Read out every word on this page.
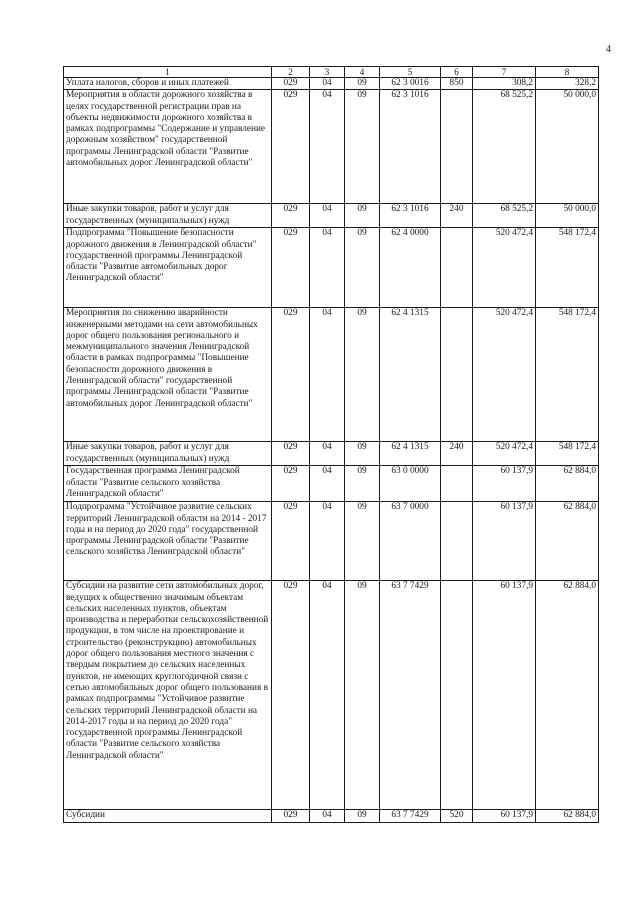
4
1	2	3	4	5	6	7	8
Уплата налогов, сборов и иных платежей	029	04	09	62 3 0016	850	308,2	328,2
Мероприятия в области дорожного хозяйства в целях государственной регистрации прав на объекты недвижимости дорожного хозяйства в рамках подпрограммы "Содержание и управление дорожным хозяйством" государственной программы Ленинградской области "Развитие автомобильных дорог Ленинградской области"	029	04	09	62 3 1016		68 525,2	50 000,0
Иные закупки товаров, работ и услуг для государственных (муниципальных) нужд	029	04	09	62 3 1016	240	68 525,2	50 000,0
Подпрограмма "Повышение безопасности дорожного движения в Ленинградской области" государственной программы Ленинградской области "Развитие автомобильных дорог Ленинградской области"	029	04	09	62 4 0000		520 472,4	548 172,4
Мероприятия по снижению аварийности инженерными методами на сети автомобильных дорог общего пользования регионального и межмуниципального значения Ленинградской области в рамках подпрограммы "Повышение безопасности дорожного движения в Ленинградской области" государственной программы Ленинградской области "Развитие автомобильных дорог Ленинградской области"	029	04	09	62 4 1315		520 472,4	548 172,4
Иные закупки товаров, работ и услуг для государственных (муниципальных) нужд	029	04	09	62 4 1315	240	520 472,4	548 172,4
Государственная программа Ленинградской области "Развитие сельского хозяйства Ленинградской области"	029	04	09	63 0 0000		60 137,9	62 884,0
Подпрограмма "Устойчивое развитие сельских территорий Ленинградской области на 2014 - 2017 годы и на период до 2020 года" государственной программы Ленинградской области "Развитие сельского хозяйства Ленинградской области"	029	04	09	63 7 0000		60 137,9	62 884,0
Субсидии на развитие сети автомобильных дорог, ведущих к общественно значимым объектам сельских населенных пунктов, объектам производства и переработки сельскохозяйственной продукции, в том числе на проектирование и строительство (реконструкцию) автомобильных дорог общего пользования местного значения с твердым покрытием до сельских населенных пунктов, не имеющих круглогодичной связи с сетью автомобильных дорог общего пользования в рамках подпрограммы "Устойчивое развитие сельских территорий Ленинградской области на 2014-2017 годы и на период до 2020 года" государственной программы Ленинградской области "Развитие сельского хозяйства Ленинградской области"	029	04	09	63 7 7429		60 137,9	62 884,0
Субсидии	029	04	09	63 7 7429	520	60 137,9	62 884,0
